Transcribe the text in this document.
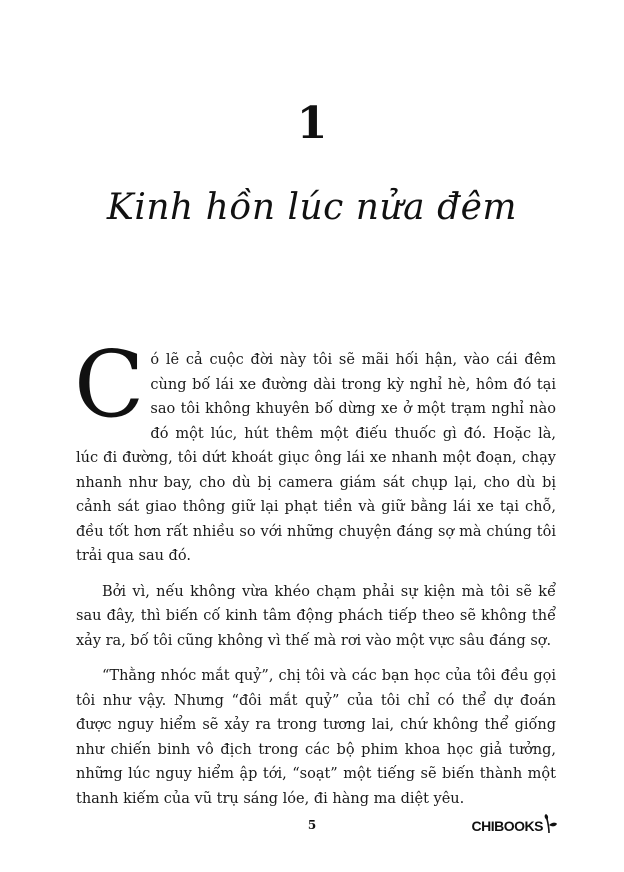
1
Kinh hồn lúc nửa đêm

Có lẽ cả cuộc đời này tôi sẽ mãi hối hận, vào cái đêm cùng bố lái xe đường dài trong kỳ nghỉ hè, hôm đó tại sao tôi không khuyên bố dừng xe ở một trạm nghỉ nào đó một lúc, hút thêm một điếu thuốc gì đó. Hoặc là, lúc đi đường, tôi dứt khoát giục ông lái xe nhanh một đoạn, chạy nhanh như bay, cho dù bị camera giám sát chụp lại, cho dù bị cảnh sát giao thông giữ lại phạt tiền và giữ bằng lái xe tại chỗ, đều tốt hơn rất nhiều so với những chuyện đáng sợ mà chúng tôi trải qua sau đó.

Bởi vì, nếu không vừa khéo chạm phải sự kiện mà tôi sẽ kể sau đây, thì biến cố kinh tâm động phách tiếp theo sẽ không thể xảy ra, bố tôi cũng không vì thế mà rơi vào một vực sâu đáng sợ.

“Thằng nhóc mắt quỷ”, chị tôi và các bạn học của tôi đều gọi tôi như vậy. Nhưng “đôi mắt quỷ” của tôi chỉ có thể dự đoán được nguy hiểm sẽ xảy ra trong tương lai, chứ không thể giống như chiến binh vô địch trong các bộ phim khoa học giả tưởng, những lúc nguy hiểm ập tới, “soạt” một tiếng sẽ biến thành một thanh kiếm của vũ trụ sáng lóe, đi hàng ma diệt yêu.

5	CHIBOOKS
